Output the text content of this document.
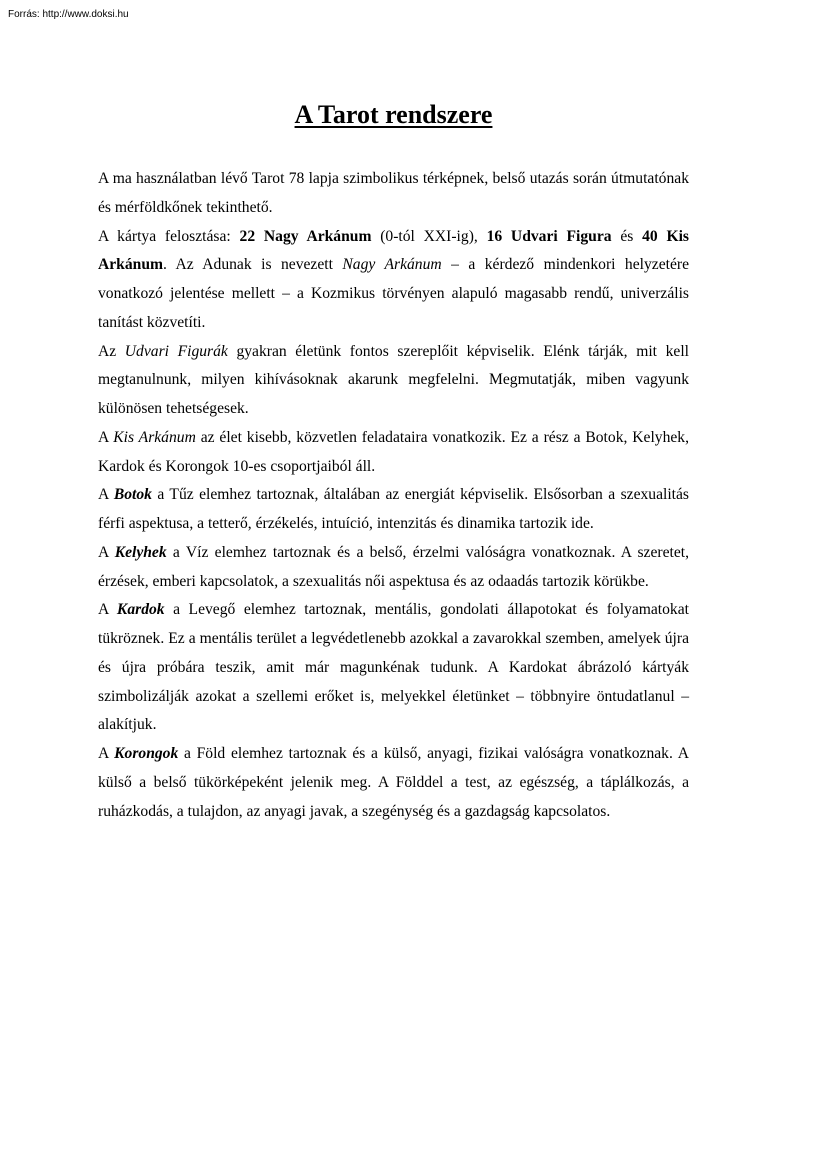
Forrás: http://www.doksi.hu
A Tarot rendszere

A ma használatban lévő Tarot 78 lapja szimbolikus térképnek, belső utazás során útmutatónak és mérföldkőnek tekinthető.

A kártya felosztása: 22 Nagy Arkánum (0-tól XXI-ig), 16 Udvari Figura és 40 Kis Arkánum. Az Adunak is nevezett Nagy Arkánum – a kérdező mindenkori helyzetére vonatkozó jelentése mellett – a Kozmikus törvényen alapuló magasabb rendű, univerzális tanítást közvetíti.

Az Udvari Figurák gyakran életünk fontos szereplőit képviselik. Elénk tárják, mit kell megtanulnunk, milyen kihívásoknak akarunk megfelelni. Megmutatják, miben vagyunk különösen tehetségesek.

A Kis Arkánum az élet kisebb, közvetlen feladataira vonatkozik. Ez a rész a Botok, Kelyhek, Kardok és Korongok 10-es csoportjaiból áll.

A Botok a Tűz elemhez tartoznak, általában az energiát képviselik. Elsősorban a szexualitás férfi aspektusa, a tetterő, érzékelés, intuíció, intenzitás és dinamika tartozik ide.

A Kelyhek a Víz elemhez tartoznak és a belső, érzelmi valóságra vonatkoznak. A szeretet, érzések, emberi kapcsolatok, a szexualitás női aspektusa és az odaadás tartozik körükbe.

A Kardok a Levegő elemhez tartoznak, mentális, gondolati állapotokat és folyamatokat tükröznek. Ez a mentális terület a legvédetlenebb azokkal a zavarokkal szemben, amelyek újra és újra próbára teszik, amit már magunkénak tudunk. A Kardokat ábrázoló kártyák szimbolizálják azokat a szellemi erőket is, melyekkel életünket – többnyire öntudatlanul – alakítjuk.

A Korongok a Föld elemhez tartoznak és a külső, anyagi, fizikai valóságra vonatkoznak. A külső a belső tükörképeként jelenik meg. A Földdel a test, az egészség, a táplálkozás, a ruházkodás, a tulajdon, az anyagi javak, a szegénység és a gazdagság kapcsolatos.
